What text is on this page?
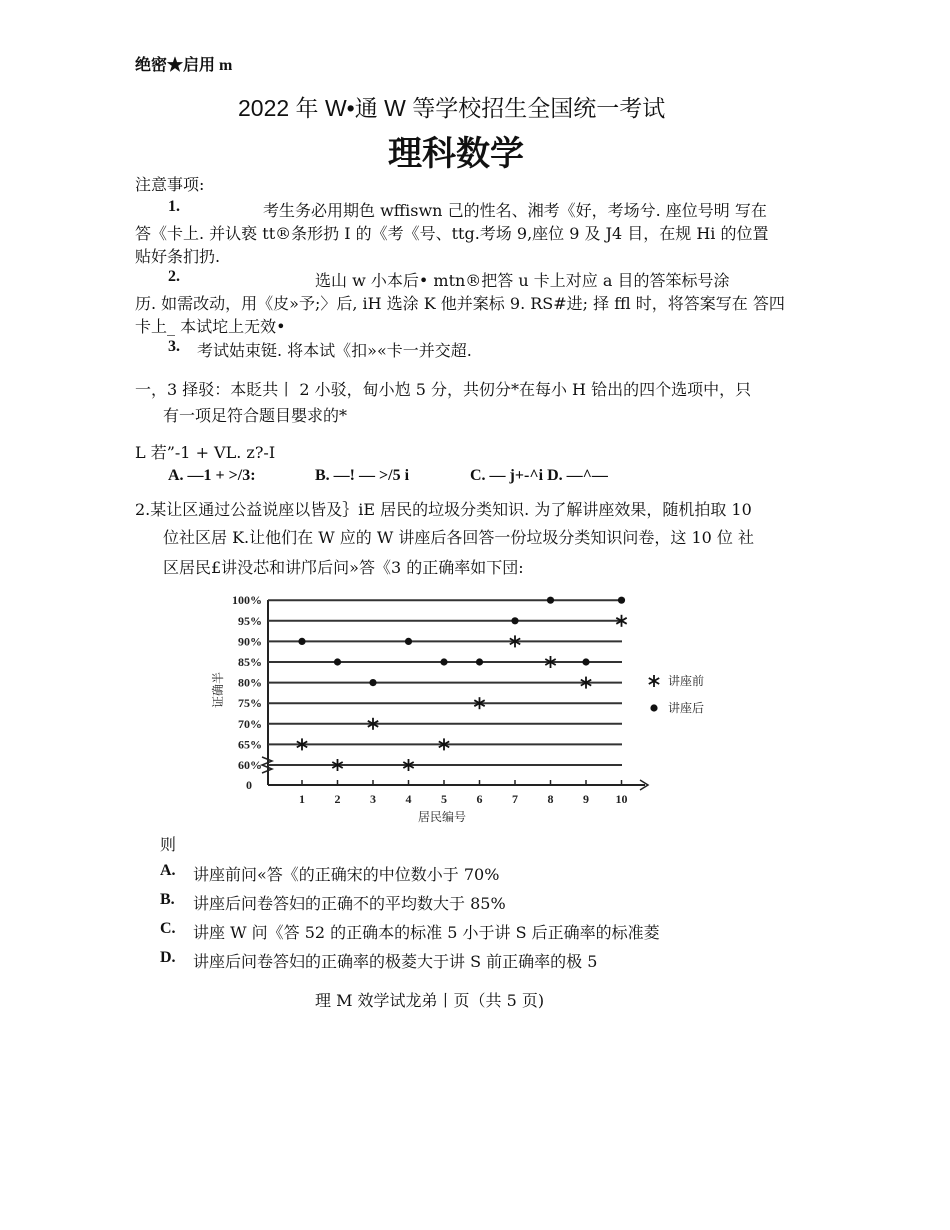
绝密★启用 m
2022 年 W•通 W 等学校招生全国统一考试
理科数学
注意事项:
1.	考生务必用期色 wffiswn 己的性名、湘考《好，考场兮. 座位号明 写在
答《卡上. 并认亵 tt®条形扔 I 的《考《号、ttg.考场 9,座位 9 及 J4 目，在规 Hi 的位置
贴好条扪扔.
2.	选山 w 小本后• mtn®把答 u 卡上对应 a 目的答笨标号涂
历. 如需改动，用《皮»予;〉后, iH 选涂 K 他并案标 9. RS#进; 择 ffl 时，将答案写在 答四
卡上_ 本试坨上无效•
3. 考试姑束铤. 将本试《扣»«卡一并交超.
一，3 择驳：本貶共丨 2 小驳，甸小尥 5 分，共仞分*在每小 H 铪出的四个选项中，只
有一项足符合题目嬰求的*
L 若”-1 + VL. z?-I
A. —1 + >/3:	B. —! — >/5 i	C. — j+-^i D. —^—
2.某让区通过公益说座以皆及｝iE 居民的垃圾分类知识. 为了解讲座效果，随机拍取 10
位社区居 K.让他们在 W 应的 W 讲座后各回答一份垃圾分类知识问卷，这 10 位 社
区居民£讲没芯和讲邝后问»答《3 的正确率如下団:
60%
65%
70%
75%
80%
85%
90%
95%
100%
0
1 2 3 4 5 6 7 8 9 10
居民编号
证确半	讲座前
讲座后
则
A. 讲座前问«答《的正确宋的中位数小于 70%
B. 讲座后问卷答妇的正确不的平均数大于 85%
C. 讲座 W 问《答 52 的正确本的标准 5 小于讲 S 后正确率的标准菱
D. 讲座后问卷答妇的正确率的极菱大于讲 S 前正确率的极 5
理 M 效学试龙弟丨页（共 5 页)
